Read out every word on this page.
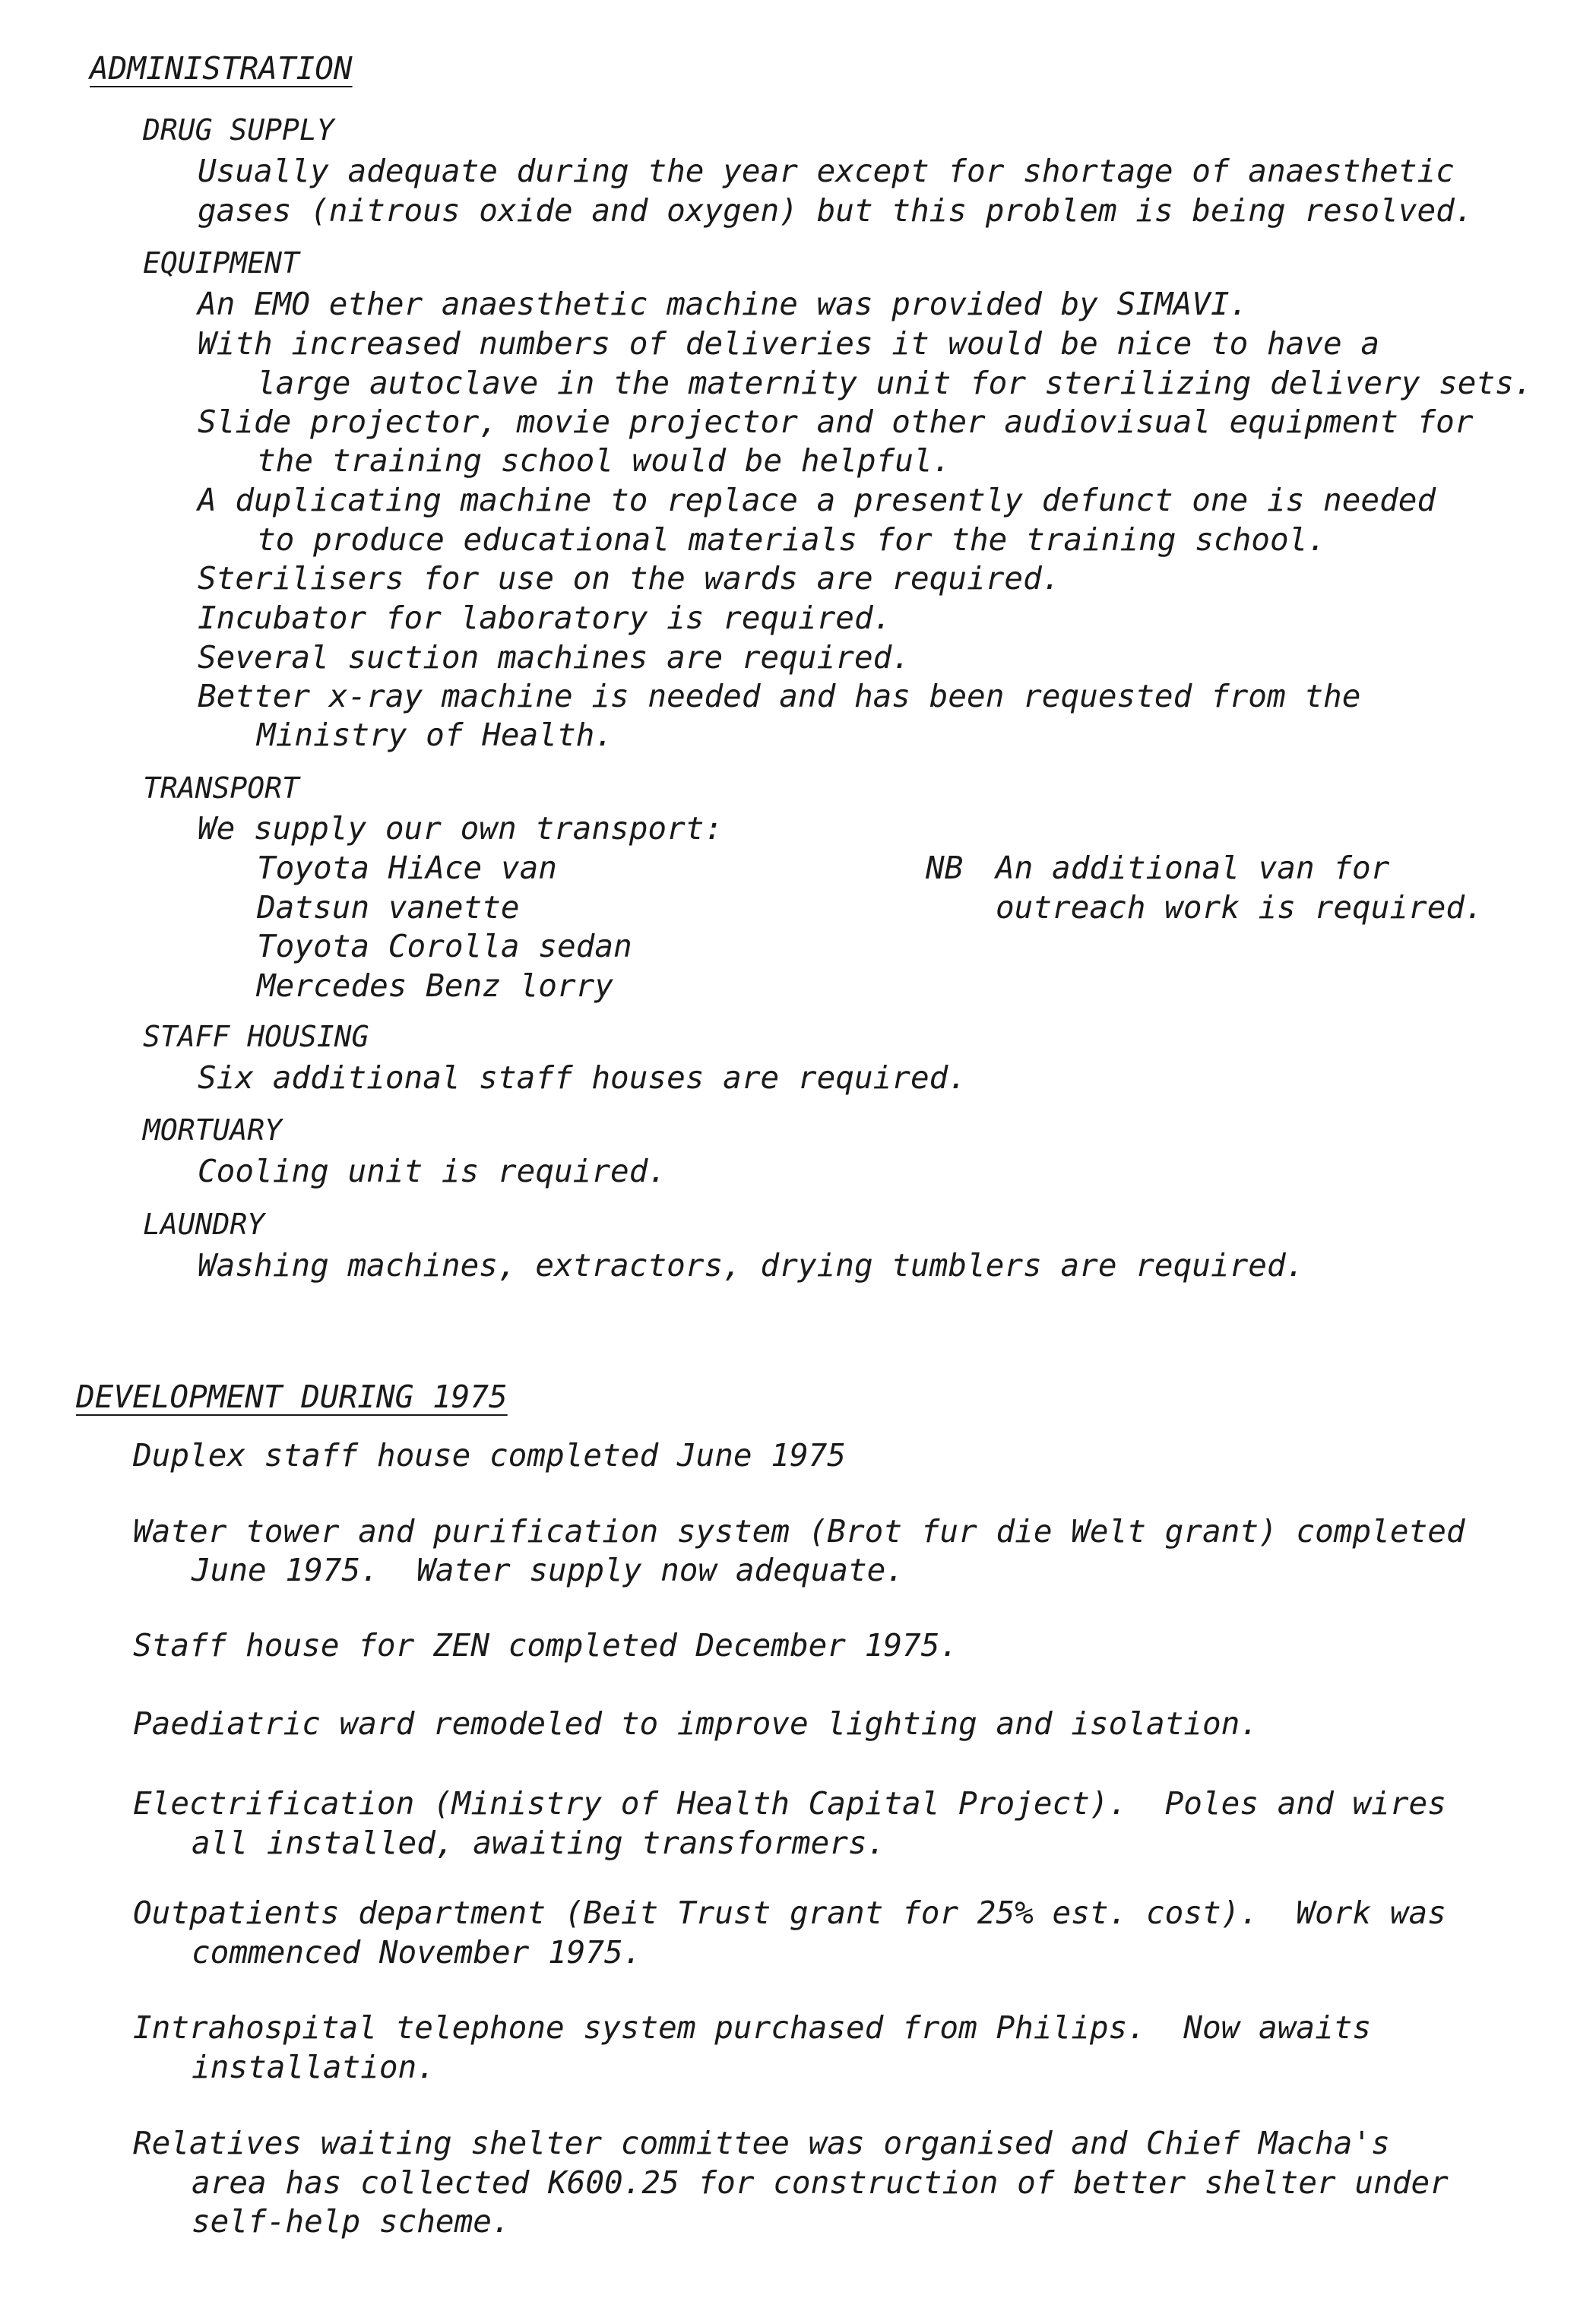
ADMINISTRATION
DRUG SUPPLY
Usually adequate during the year except for shortage of anaesthetic
gases (nitrous oxide and oxygen) but this problem is being resolved.
EQUIPMENT
An EMO ether anaesthetic machine was provided by SIMAVI.
With increased numbers of deliveries it would be nice to have a
large autoclave in the maternity unit for sterilizing delivery sets.
Slide projector, movie projector and other audiovisual equipment for
the training school would be helpful.
A duplicating machine to replace a presently defunct one is needed
to produce educational materials for the training school.
Sterilisers for use on the wards are required.
Incubator for laboratory is required.
Several suction machines are required.
Better x-ray machine is needed and has been requested from the
Ministry of Health.
TRANSPORT
We supply our own transport:
Toyota HiAce van
Datsun vanette
Toyota Corolla sedan
Mercedes Benz lorry
NB An additional van for
outreach work is required.
STAFF HOUSING
Six additional staff houses are required.
MORTUARY
Cooling unit is required.
LAUNDRY
Washing machines, extractors, drying tumblers are required.
DEVELOPMENT DURING 1975
Duplex staff house completed June 1975
Water tower and purification system (Brot fur die Welt grant) completed
June 1975.  Water supply now adequate.
Staff house for ZEN completed December 1975.
Paediatric ward remodeled to improve lighting and isolation.
Electrification (Ministry of Health Capital Project).  Poles and wires
all installed, awaiting transformers.
Outpatients department (Beit Trust grant for 25% est. cost).  Work was
commenced November 1975.
Intrahospital telephone system purchased from Philips.  Now awaits
installation.
Relatives waiting shelter committee was organised and Chief Macha's
area has collected K600.25 for construction of better shelter under
self-help scheme.
